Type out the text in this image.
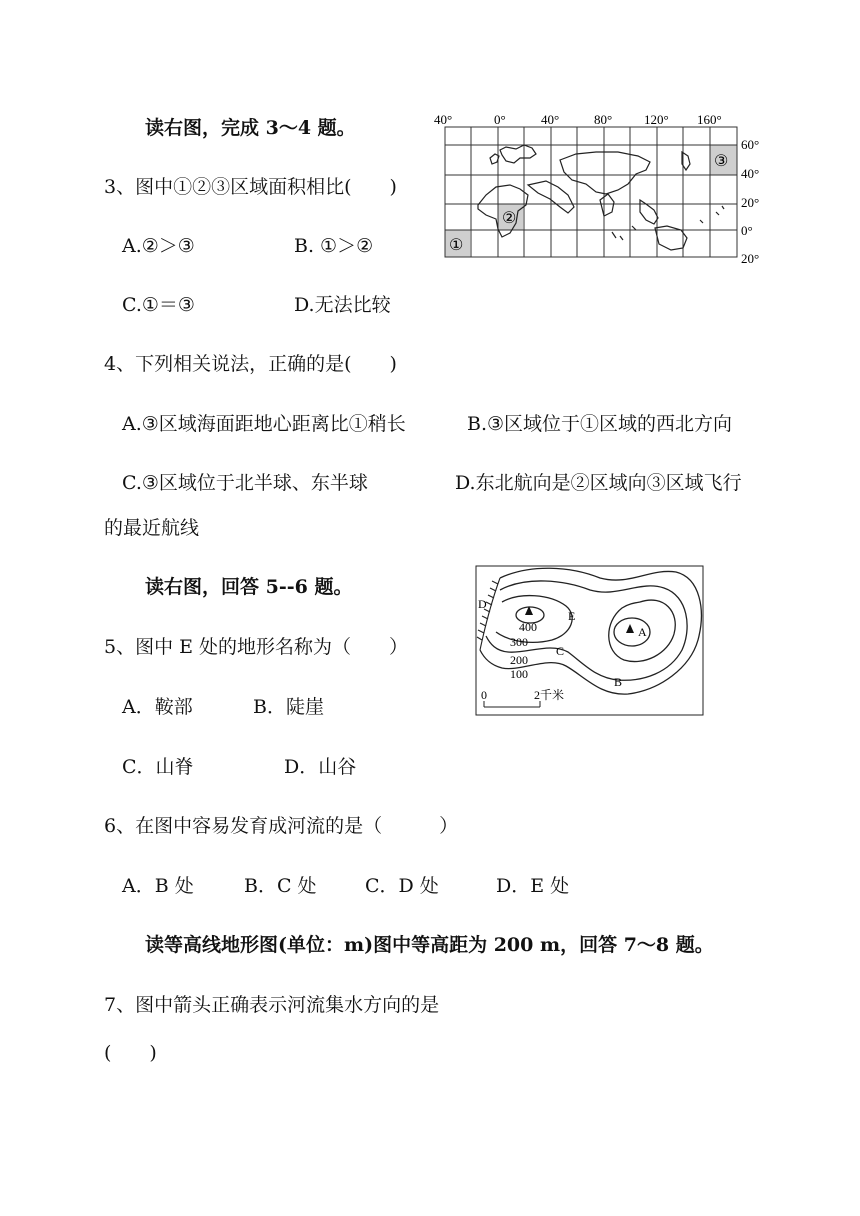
读右图，完成 3～4 题。
3、图中①②③区域面积相比(　　)
A.②＞③	B. ①＞②
C.①＝③	D.无法比较
4、下列相关说法，正确的是(　　)
A.③区域海面距地心距离比①稍长	B.③区域位于①区域的西北方向
C.③区域位于北半球、东半球	D.东北航向是②区域向③区域飞行
的最近航线
①
②
③
40°	0°	40°	80° 120° 160°
60°
40°
20°
0°
20°
读右图，回答 5--6 题。
5、图中 E 处的地形名称为（　　）
A．鞍部	B．陡崖
C．山脊	D．山谷
6、在图中容易发育成河流的是（　　　）
A．B 处	B．C 处	C．D 处	D．E 处
D
E
A
B
C
400
300
200
100
0	2千米
读等高线地形图(单位：m)图中等高距为 200 m，回答 7～8 题。
7、图中箭头正确表示河流集水方向的是
(　　)
